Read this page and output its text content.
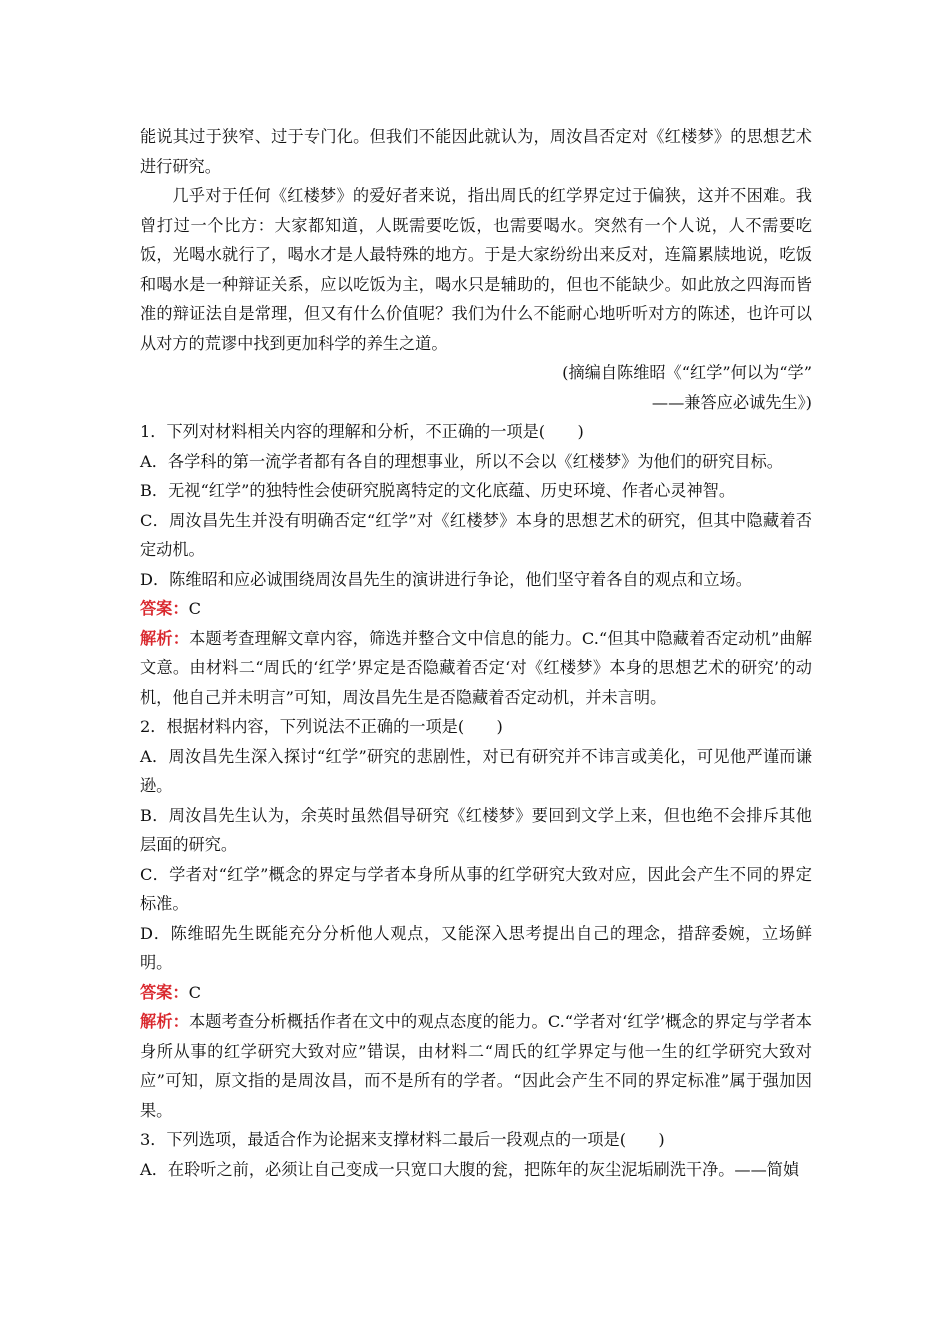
能说其过于狭窄、过于专门化。但我们不能因此就认为，周汝昌否定对《红楼梦》的思想艺术进行研究。

几乎对于任何《红楼梦》的爱好者来说，指出周氏的红学界定过于偏狭，这并不困难。我曾打过一个比方：大家都知道，人既需要吃饭，也需要喝水。突然有一个人说，人不需要吃饭，光喝水就行了，喝水才是人最特殊的地方。于是大家纷纷出来反对，连篇累牍地说，吃饭和喝水是一种辩证关系，应以吃饭为主，喝水只是辅助的，但也不能缺少。如此放之四海而皆准的辩证法自是常理，但又有什么价值呢？我们为什么不能耐心地听听对方的陈述，也许可以从对方的荒谬中找到更加科学的养生之道。

(摘编自陈维昭《“红学”何以为“学”

——兼答应必诚先生》)

1．下列对材料相关内容的理解和分析，不正确的一项是(　　)

A．各学科的第一流学者都有各自的理想事业，所以不会以《红楼梦》为他们的研究目标。

B．无视“红学”的独特性会使研究脱离特定的文化底蕴、历史环境、作者心灵神智。

C．周汝昌先生并没有明确否定“红学”对《红楼梦》本身的思想艺术的研究，但其中隐藏着否定动机。

D．陈维昭和应必诚围绕周汝昌先生的演讲进行争论，他们坚守着各自的观点和立场。

答案：C

解析：本题考查理解文章内容，筛选并整合文中信息的能力。C.“但其中隐藏着否定动机”曲解文意。由材料二“周氏的‘红学’界定是否隐藏着否定‘对《红楼梦》本身的思想艺术的研究’的动机，他自己并未明言”可知，周汝昌先生是否隐藏着否定动机，并未言明。

2．根据材料内容，下列说法不正确的一项是(　　)

A．周汝昌先生深入探讨“红学”研究的悲剧性，对已有研究并不讳言或美化，可见他严谨而谦逊。

B．周汝昌先生认为，余英时虽然倡导研究《红楼梦》要回到文学上来，但也绝不会排斥其他层面的研究。

C．学者对“红学”概念的界定与学者本身所从事的红学研究大致对应，因此会产生不同的界定标准。

D．陈维昭先生既能充分分析他人观点，又能深入思考提出自己的理念，措辞委婉，立场鲜明。

答案：C

解析：本题考查分析概括作者在文中的观点态度的能力。C.“学者对‘红学’概念的界定与学者本身所从事的红学研究大致对应”错误，由材料二“周氏的红学界定与他一生的红学研究大致对应”可知，原文指的是周汝昌，而不是所有的学者。“因此会产生不同的界定标准”属于强加因果。

3．下列选项，最适合作为论据来支撑材料二最后一段观点的一项是(　　)

A．在聆听之前，必须让自己变成一只宽口大腹的瓮，把陈年的灰尘泥垢刷洗干净。——简媜
